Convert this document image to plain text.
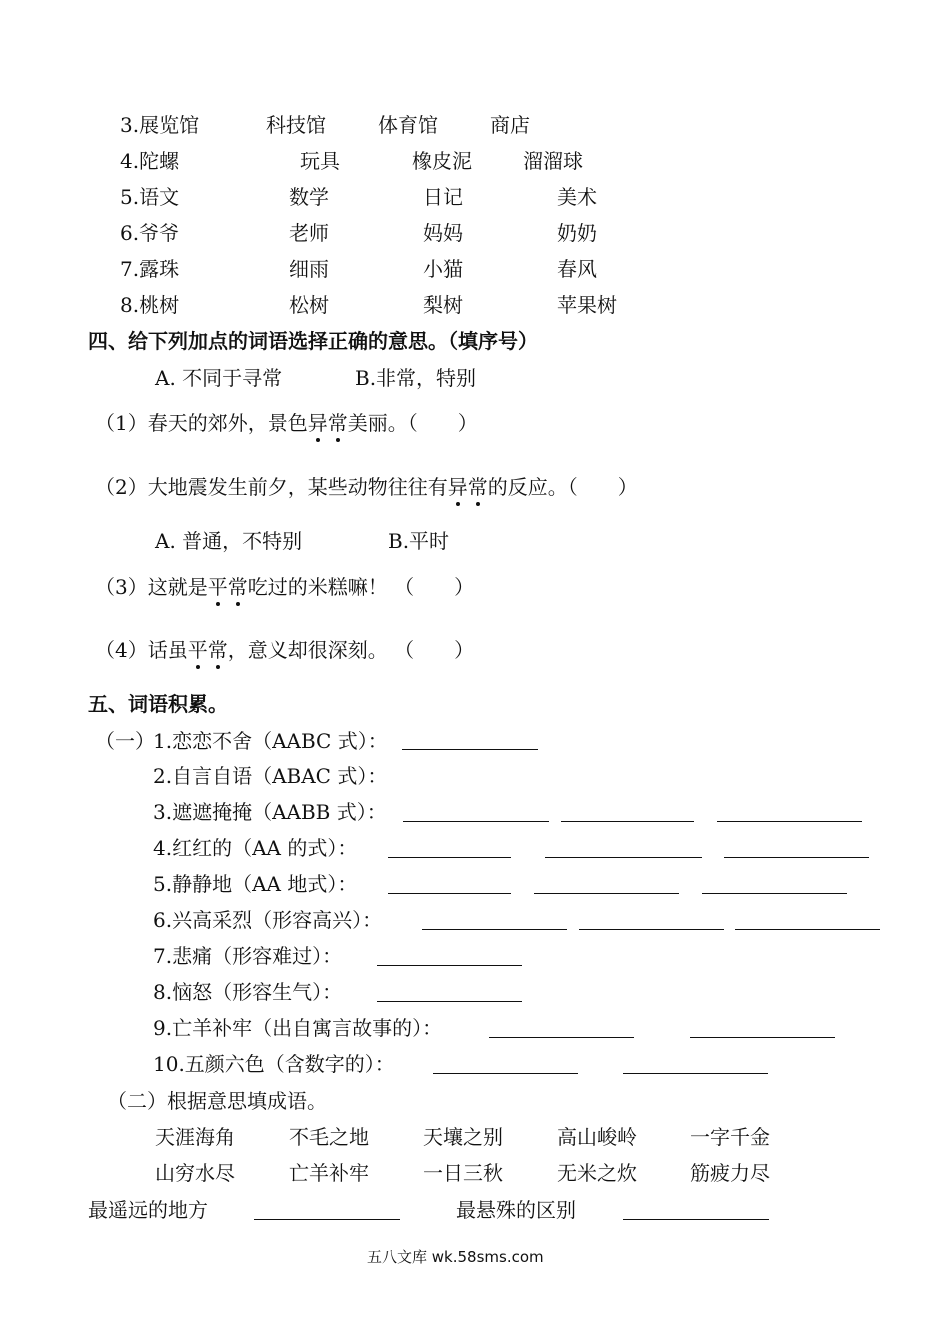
3.展览馆	科技馆	体育馆	商店
4.陀螺	玩具	橡皮泥	溜溜球
5.语文	数学	日记	美术
6.爷爷	老师	妈妈	奶奶
7.露珠	细雨	小猫	春风
8.桃树	松树	梨树	苹果树
四、给下列加点的词语选择正确的意思。（填序号）
A. 不同于寻常	B.非常，特别
（1）春天的郊外，景色异常美丽。（　　）
（2）大地震发生前夕，某些动物往往有异常的反应。（　　）
A. 普通，不特别	B.平时
（3）这就是平常吃过的米糕嘛！ （　　）
（4）话虽平常，意义却很深刻。 （　　）
五、词语积累。
（一）
1.恋恋不舍（AABC 式）：
2.自言自语（ABAC 式）：
3.遮遮掩掩（AABB 式）：
4.红红的（AA 的式）：
5.静静地（AA 地式）：
6.兴高采烈（形容高兴）：
7.悲痛（形容难过）：
8.恼怒（形容生气）：
9.亡羊补牢（出自寓言故事的）：
10.五颜六色（含数字的）：
（二）根据意思填成语。
天涯海角	不毛之地	天壤之别	高山峻岭	一字千金
山穷水尽	亡羊补牢	一日三秋	无米之炊	筋疲力尽
最遥远的地方	最悬殊的区别
五八文库 wk.58sms.com
